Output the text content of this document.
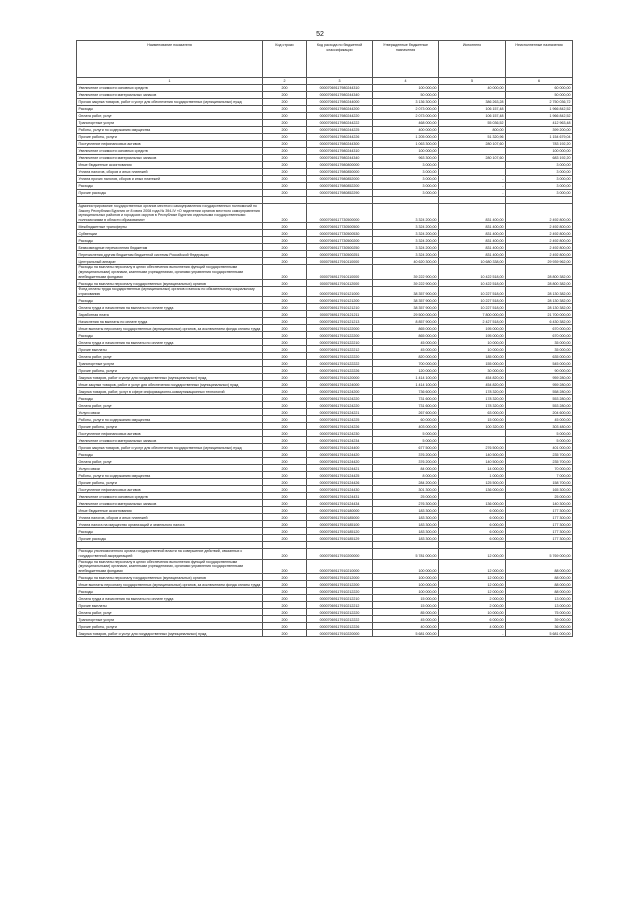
52
Наименование показателя	Код строки	Код расхода по бюджетной классификации	Утвержденные бюджетные назначения	Исполнено	Неисполненные назначения
1	2	3	4	5	6
Увеличение стоимости основных средств	200	00007069117980244310	100 000,00	40 000,00	60 000,00
Увеличение стоимости материальных запасов	200	00007069117980244340	50 000,00		50 000,00
Прочая закупка товаров, работ и услуг для обеспечения государственных (муниципальных) нужд	200	00007069117980244000	3 136 300,00	386 263,28	2 750 036,72
Расходы	200	00007069117980244200	2 073 000,00	106 157,48	1 966 842,52
Оплата работ, услуг	200	00007069117980244220	2 073 000,00	106 157,48	1 966 842,52
Транспортные услуги	200	00007069117980244222	468 000,00	55 036,52	412 963,48
Работы, услуги по содержанию имущества	200	00007069117980244225	400 000,00	800,00	399 200,00
Прочие работы, услуги	200	00007069117980244226	1 205 000,00	51 320,96	1 154 679,04
Поступление нефинансовых активов	200	00007069117980244300	1 063 300,00	280 107,60	783 192,20
Увеличение стоимости основных средств	200	00007069117980244310	100 000,00		100 000,00
Увеличение стоимости материальных запасов	200	00007069117980244340	963 300,00	280 107,60	683 192,20
Иные бюджетные ассигнования	200	00007069117980800000	3 000,00		3 000,00
Уплата налогов, сборов и иных платежей	200	00007069117980850000	3 000,00		3 000,00
Уплата прочих налогов, сборов и иных платежей	200	00007069117980852000	3 000,00	-	3 000,00
Расходы	200	00007069117980852200	3 000,00	-	3 000,00
Прочие расходы	200	00007069117980852290	3 000,00	-	3 000,00

Администрирование государственных органов местного самоуправления государственных полномочий по Закону Республики Бурятия от 8 июля 2008 года № 394-IV «О наделении органов местного самоуправления муниципальных районов и городских округов в Республике Бурятия отдельными государственными полномочиями в области образования»	200	00007069117730500000	3 324 200,00	831 400,00	2 492 800,00
Межбюджетные трансферты	200	00007069117730500500	3 324 200,00	831 400,00	2 492 800,00
Субвенции	200	00007069117730500530	3 324 200,00	831 400,00	2 492 800,00
Расходы	200	00007069117730500200	3 324 200,00	831 400,00	2 492 800,00
Безвозмездные перечисления бюджетам	200	00007069117730500250	3 324 200,00	831 400,00	2 492 800,00
Перечисления другим бюджетам бюджетной системы Российской Федерации	200	00007069117730500251	3 324 200,00	831 400,00	2 492 800,00
Центральный аппарат	200	00007069117910110000	40 620 300,00	10 680 338,00	29 939 962,00
Расходы на выплаты персоналу в целях обеспечения выполнения функций государственными (муниципальными) органами, казенными учреждениями, органами управления государственными внебюджетными фондами	200	00007069117910110000	39 222 900,00	10 422 518,00	28 800 382,00
Расходы на выплаты персоналу государственных (муниципальных) органов	200	00007069117910112000	39 222 900,00	10 422 518,00	28 800 382,00
Фонд оплаты труда государственных (муниципальных) органов и взносы по обязательному социальному страхованию	200	00007069117910121000	38 357 900,00	10 227 518,00	28 130 382,00
Расходы	200	00007069117910121200	38 357 900,00	10 227 518,00	28 130 382,00
Оплата труда и начисления на выплаты по оплате труда	200	00007069117910121210	38 357 900,00	10 227 518,00	28 130 382,00
Заработная плата	200	00007069117910121211	29 500 000,00	7 800 000,00	21 700 000,00
Начисления на выплаты по оплате труда	200	00007069117910121213	8 857 900,00	2 427 518,00	6 430 382,00
Иные выплаты персоналу государственных (муниципальных) органов, за исключением фонда оплаты труда	200	00007069117910122000	865 000,00	195 000,00	670 000,00
Расходы	200	00007069117910122200	865 000,00	195 000,00	670 000,00
Оплата труда и начисления на выплаты по оплате труда	200	00007069117910122210	45 000,00	10 000,00	35 000,00
Прочие выплаты	200	00007069117910122212	45 000,00	10 000,00	35 000,00
Оплата работ, услуг	200	00007069117910122220	820 000,00	185 000,00	635 000,00
Транспортные услуги	200	00007069117910122222	700 000,00	155 000,00	545 000,00
Прочие работы, услуги	200	00007069117910122226	120 000,00	30 000,00	90 000,00
Закупка товаров, работ и услуг для государственных (муниципальных) нужд	200	00007069117910120000	1 414 100,00	454 820,00	959 280,00
Иные закупки товаров, работ и услуг для обеспечения государственных (муниципальных) нужд	200	00007069117910124000	1 414 100,00	454 820,00	959 280,00
Закупка товаров, работ, услуг в сфере информационно-коммуникационных технологий	200	00007069117910124200	736 600,00	178 320,00	558 280,00
Расходы	200	00007069117910124220	731 600,00	178 320,00	553 280,00
Оплата работ, услуг	200	00007069117910124220	731 600,00	178 320,00	553 280,00
Услуги связи	200	00007069117910124221	267 600,00	63 000,00	204 600,00
Работы, услуги по содержанию имущества	200	00007069117910124225	60 000,00	15 000,00	45 000,00
Прочие работы, услуги	200	00007069117910124226	403 000,00	100 320,00	303 480,00
Поступление нефинансовых активов	200	00007069117910124230	5 000,00		5 000,00
Увеличение стоимости материальных запасов	200	00007069117910124234	5 000,00		5 000,00
Прочая закупка товаров, работ и услуг для обеспечения государственных (муниципальных) нужд	200	00007069117910124400	677 500,00	276 500,00	401 000,00
Расходы	200	00007069117910124420	376 200,00	140 500,00	235 700,00
Оплата работ, услуг	200	00007069117910124420	376 200,00	140 500,00	235 700,00
Услуги связи	200	00007069117910124421	84 000,00	14 000,00	70 000,00
Работы, услуги по содержанию имущества	200	00007069117910124425	8 000,00	1 000,00	7 000,00
Прочие работы, услуги	200	00007069117910124426	284 200,00	125 500,00	158 700,00
Поступление нефинансовых активов	200	00007069117910124430	301 300,00	136 000,00	165 300,00
Увеличение стоимости основных средств	200	00007069117910124431	25 000,00		25 000,00
Увеличение стоимости материальных запасов	200	00007069117910124434	276 300,00	136 000,00	140 300,00
Иные бюджетные ассигнования	200	00007069117910180000	183 300,00	6 000,00	177 300,00
Уплата налогов, сборов и иных платежей	200	00007069117910185000	183 300,00	6 000,00	177 300,00
Уплата налога на имущество организаций и земельного налога	200	00007069117910185100	183 300,00	6 000,00	177 300,00
Расходы	200	00007069117910185120	183 300,00	6 000,00	177 300,00
Прочие расходы	200	00007069117910185129	183 300,00	6 000,00	177 300,00

Расходы уполномоченного органа государственной власти на совершение действий, связанных с государственной аккредитацией	200	00007069117910200000	5 781 000,00	12 000,00	5 769 000,00
Расходы на выплаты персоналу в целях обеспечения выполнения функций государственными (муниципальными) органами, казенными учреждениями, органами управления государственными внебюджетными фондами	200	00007069117910210000	100 000,00	12 000,00	88 000,00
Расходы на выплаты персоналу государственных (муниципальных) органов	200	00007069117910212000	100 000,00	12 000,00	88 000,00
Иные выплаты персоналу государственных (муниципальных) органов, за исключением фонда оплаты труда	200	00007069117910212200	100 000,00	12 000,00	88 000,00
Расходы	200	00007069117910212220	100 000,00	12 000,00	88 000,00
Оплата труда и начисления на выплаты по оплате труда	200	00007069117910212210	15 000,00	2 000,00	13 000,00
Прочие выплаты	200	00007069117910212212	15 000,00	2 000,00	13 000,00
Оплата работ, услуг	200	00007069117910212220	85 000,00	10 000,00	75 000,00
Транспортные услуги	200	00007069117910212222	45 000,00	6 000,00	39 000,00
Прочие работы, услуги	200	00007069117910212226	40 000,00	4 000,00	36 000,00
Закупка товаров, работ и услуг для государственных (муниципальных) нужд	200	00007069117910220000	5 681 000,00	-	5 681 000,00
